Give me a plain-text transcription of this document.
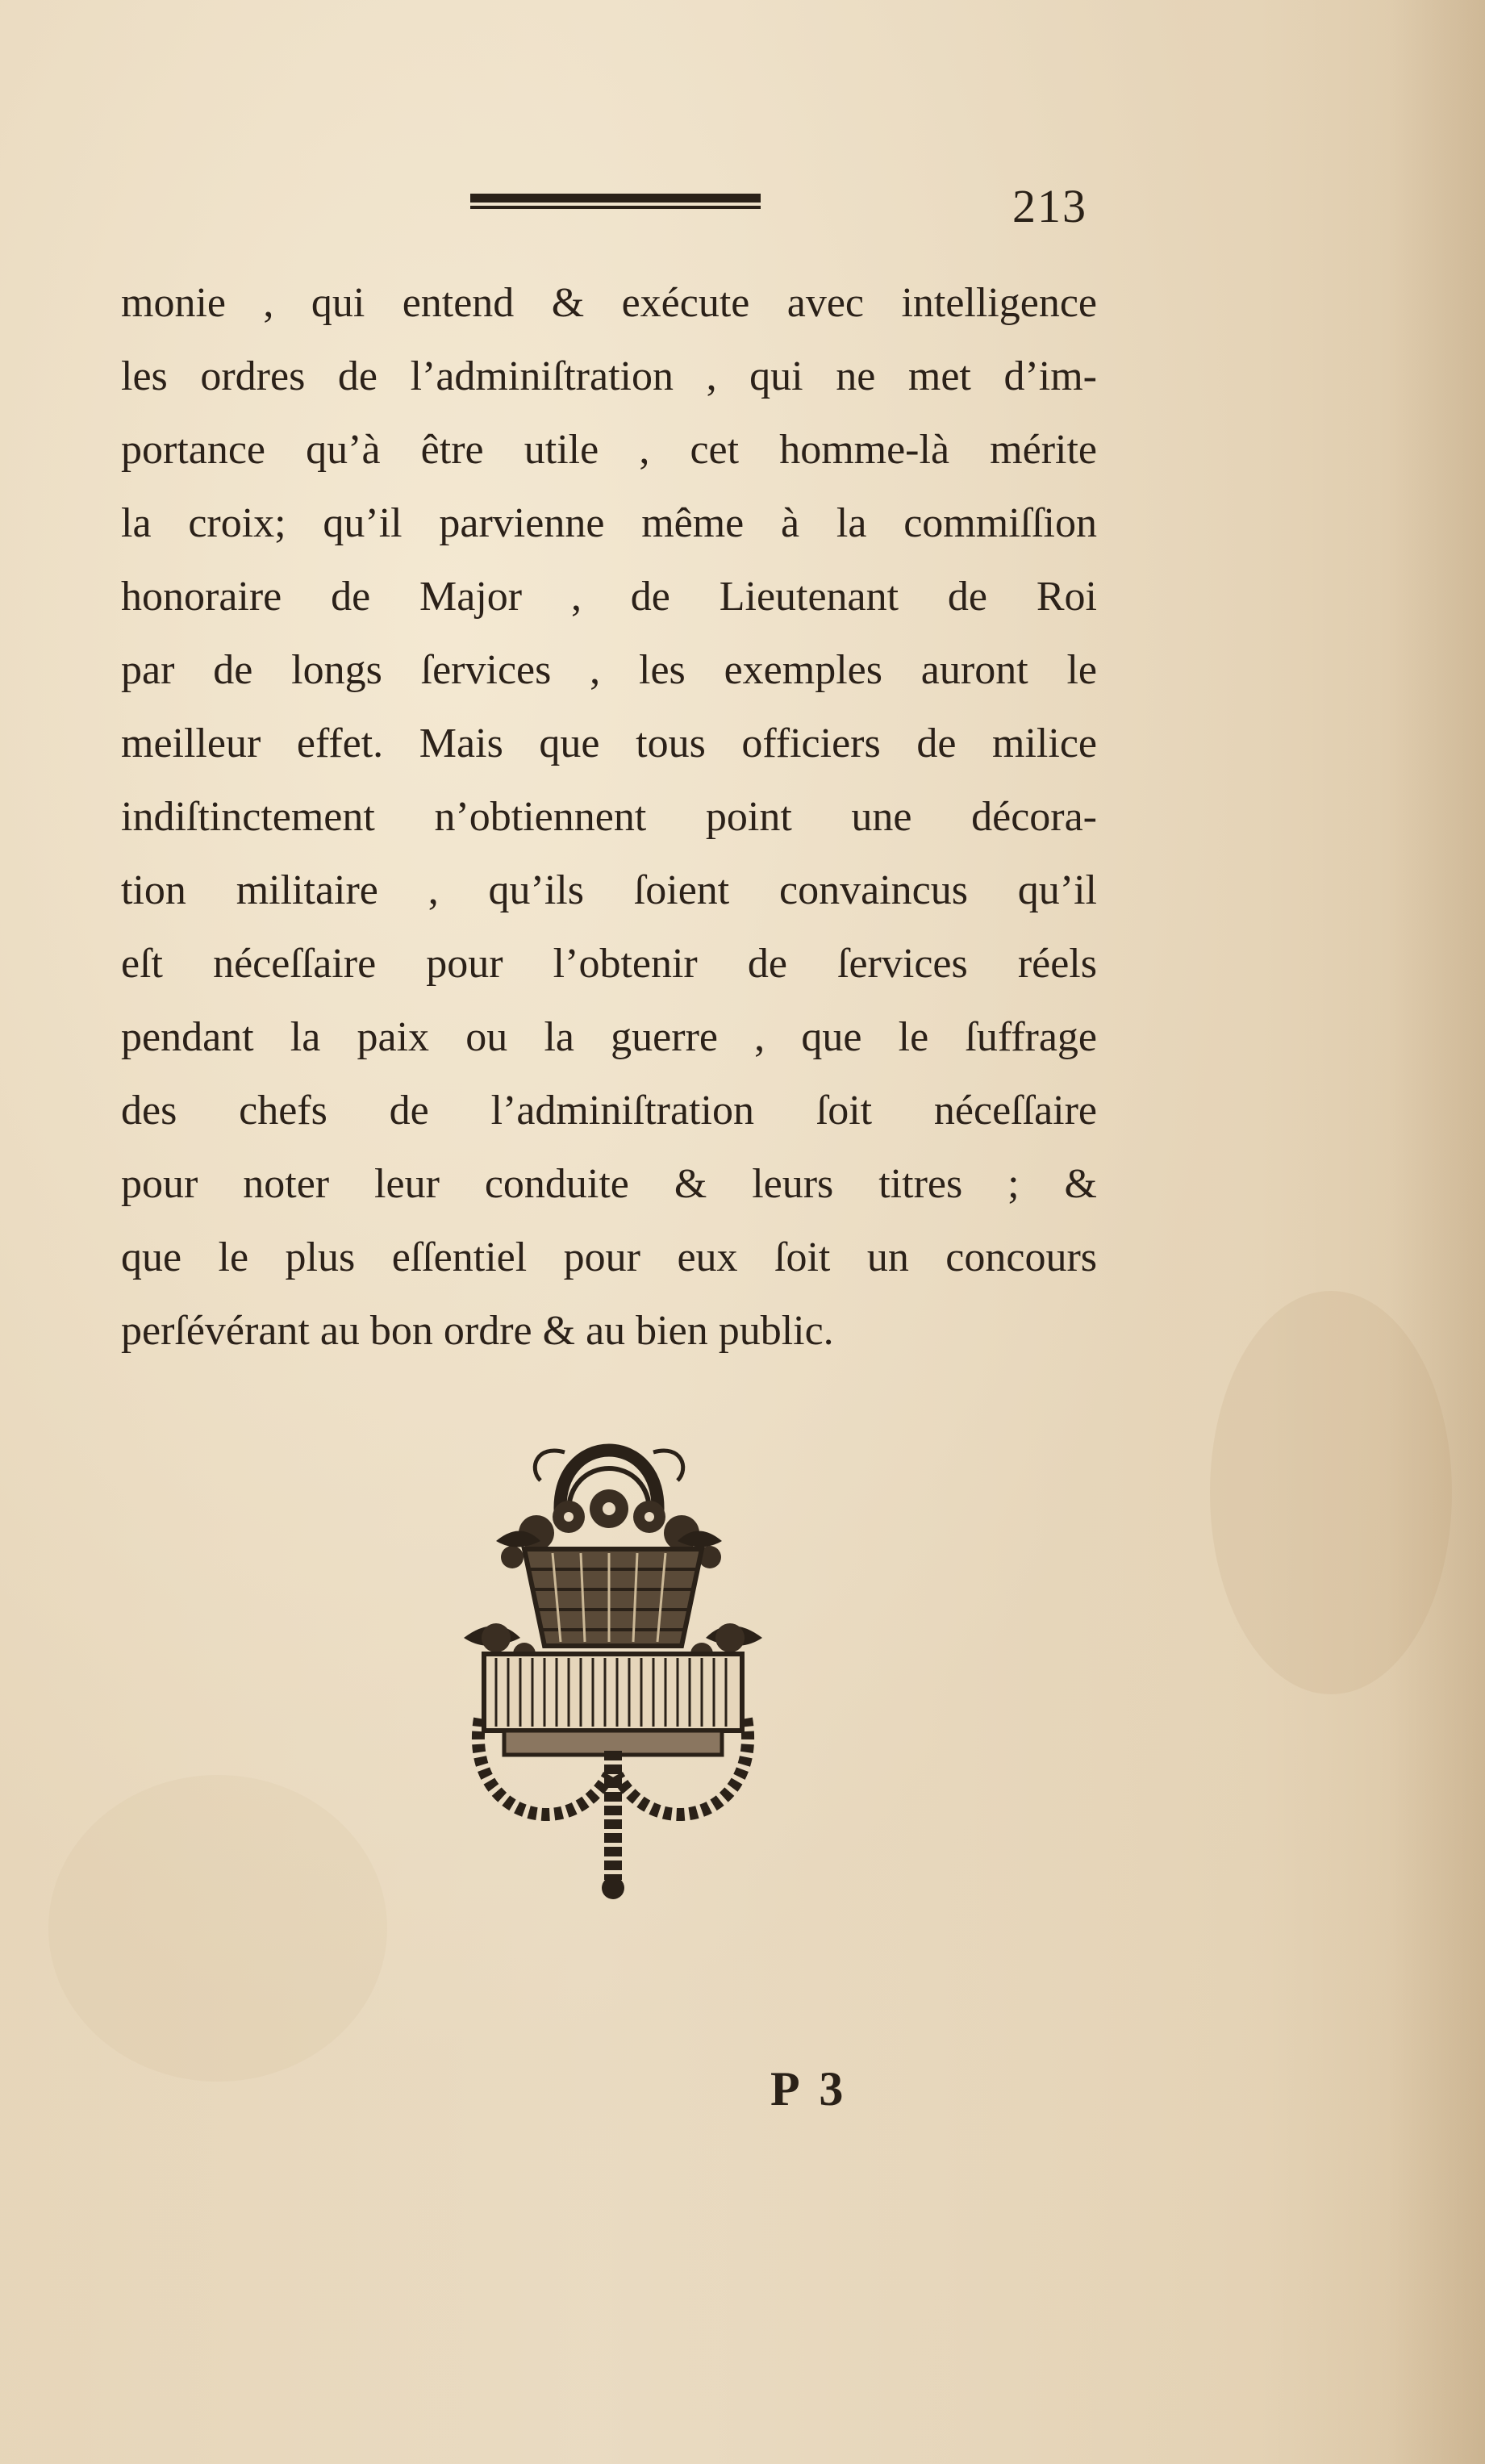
213
monie , qui entend & exécute avec intelligence
les ordres de l’adminiſtration , qui ne met d’im-
portance qu’à être utile , cet homme-là mérite
la croix; qu’il parvienne même à la commiſſion
honoraire de Major , de Lieutenant de Roi
par de longs ſervices , les exemples auront le
meilleur effet. Mais que tous officiers de milice
indiſtinctement n’obtiennent point une décora-
tion militaire , qu’ils ſoient convaincus qu’il
eſt néceſſaire pour l’obtenir de ſervices réels
pendant la paix ou la guerre , que le ſuffrage
des chefs de l’adminiſtration ſoit néceſſaire
pour noter leur conduite & leurs titres ; &
que le plus eſſentiel pour eux ſoit un concours
perſévérant au bon ordre & au bien public.
P 3
